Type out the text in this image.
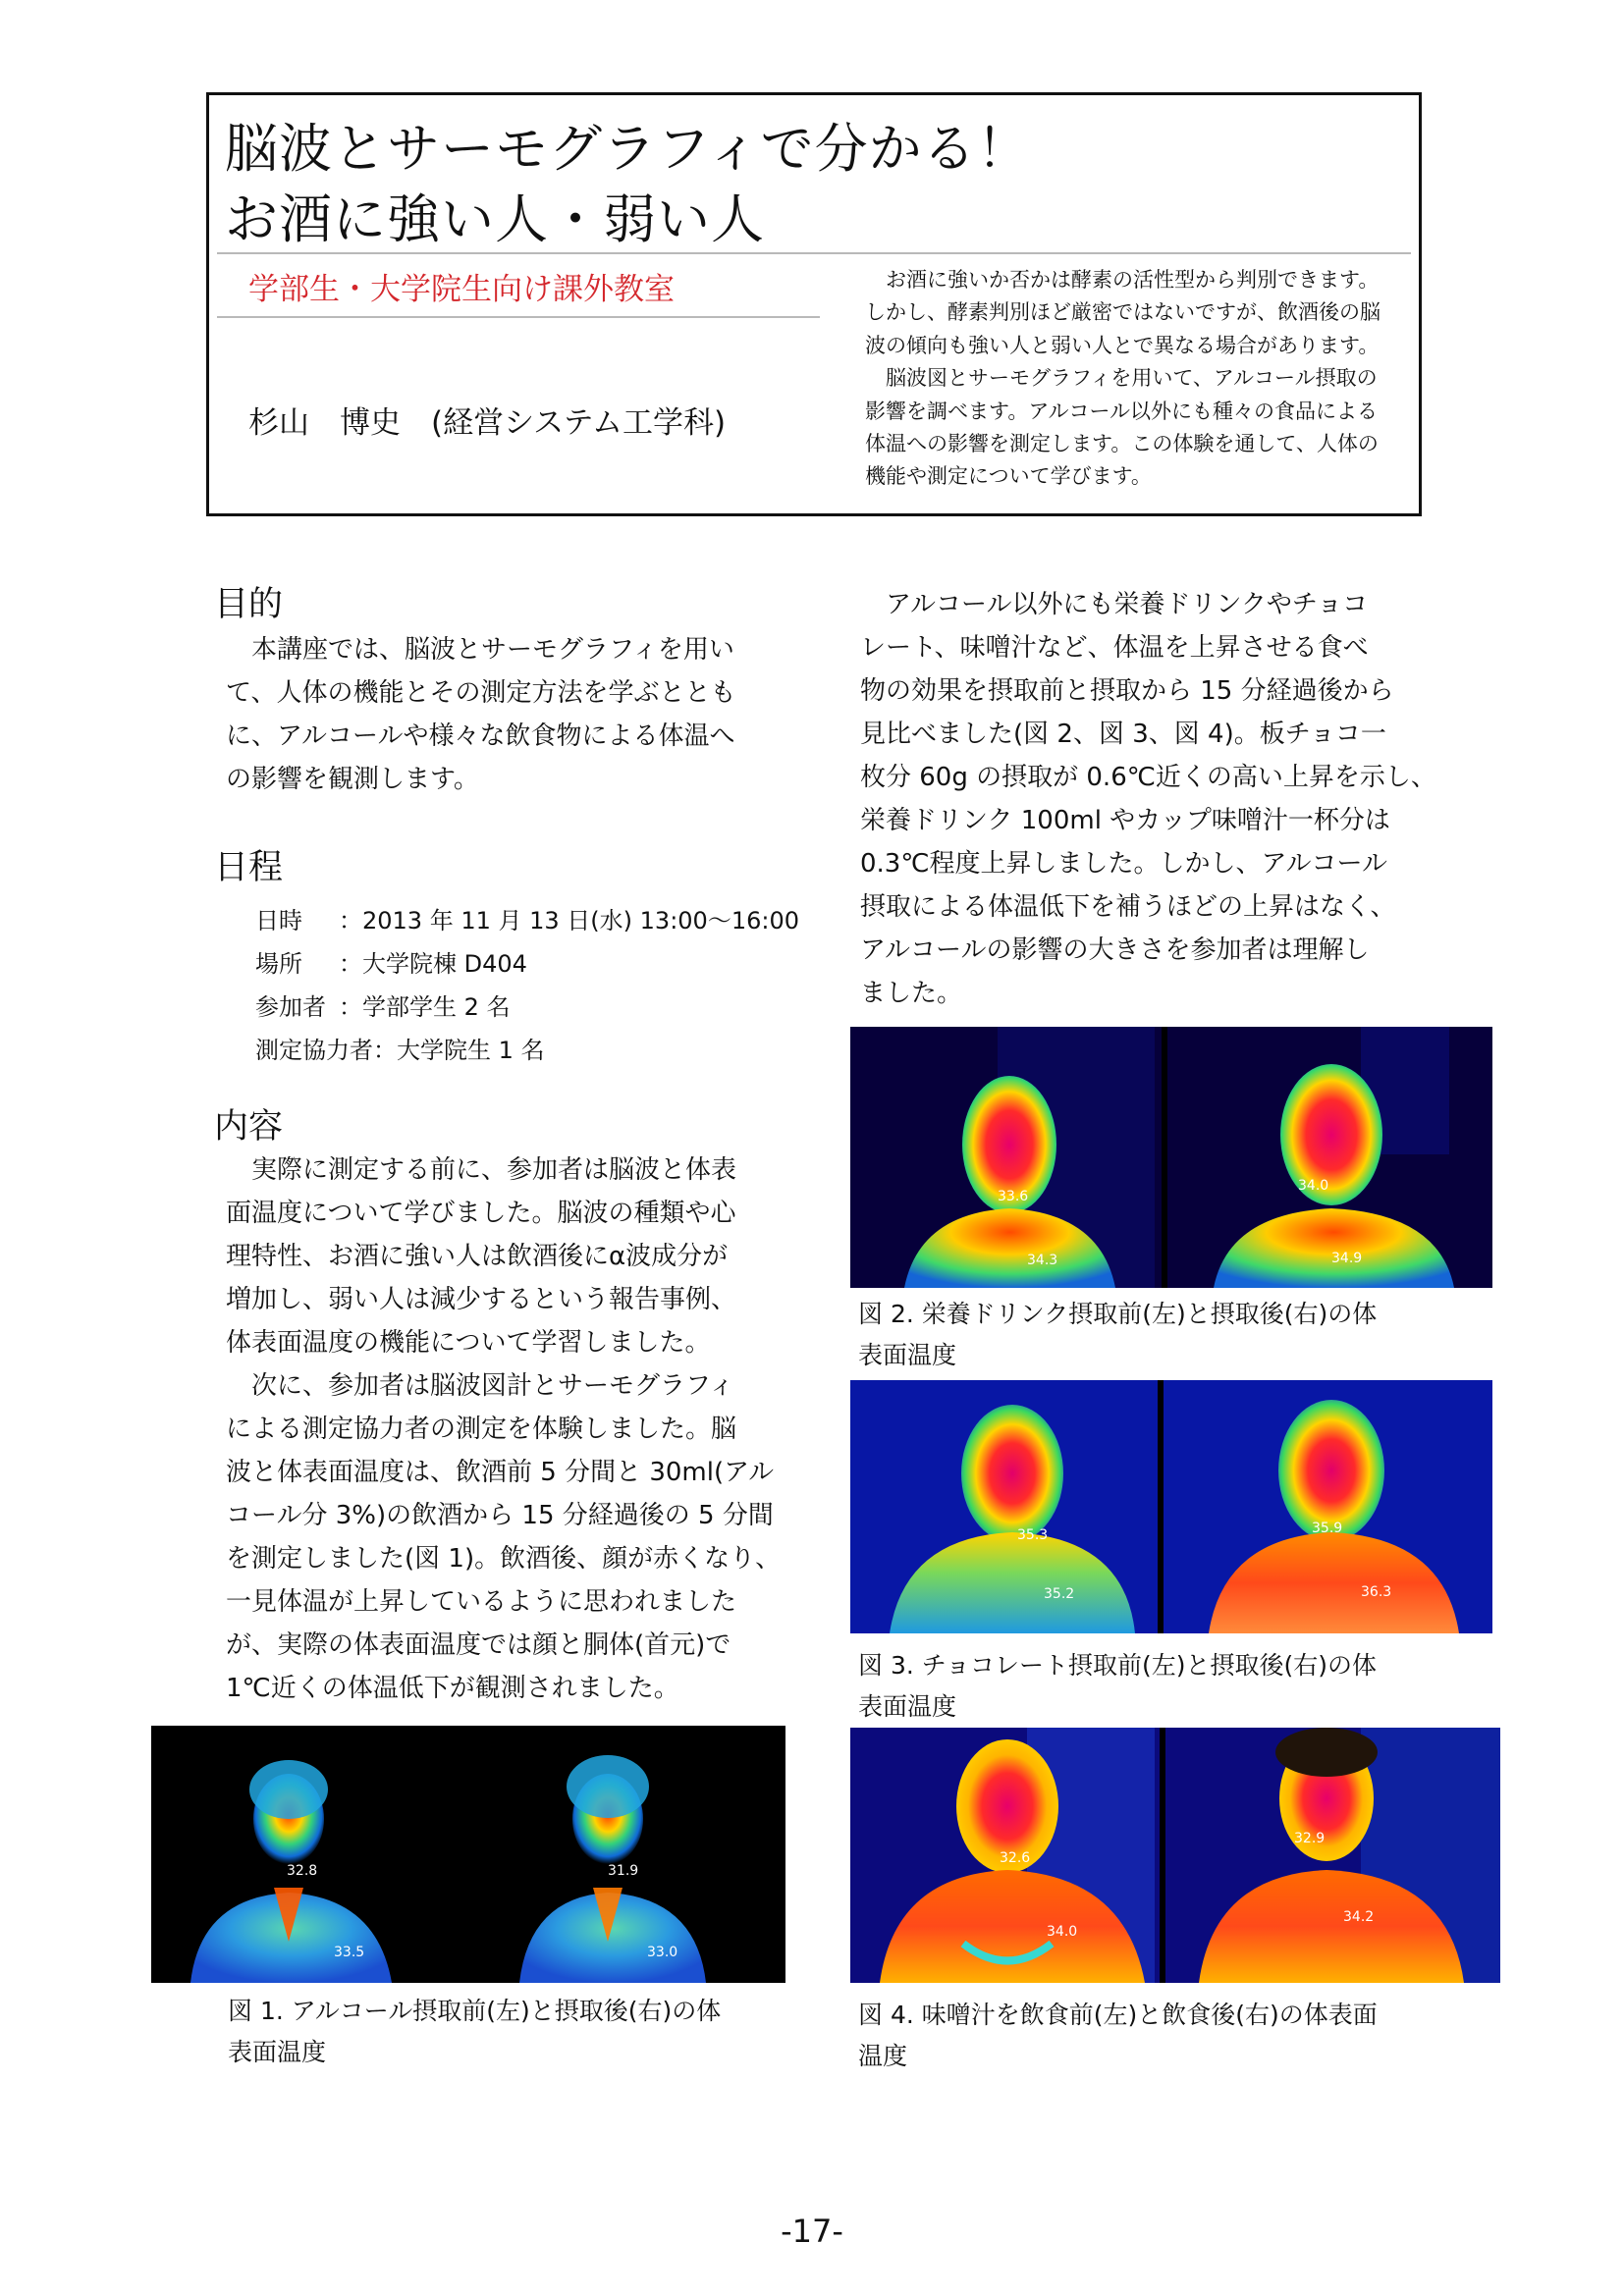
脳波とサーモグラフィで分かる！
お酒に強い人・弱い人
学部生・大学院生向け課外教室
杉山　博史　(経営システム工学科)

　お酒に強いか否かは酵素の活性型から判別できます。

しかし、酵素判別ほど厳密ではないですが、飲酒後の脳

波の傾向も強い人と弱い人とで異なる場合があります。

　脳波図とサーモグラフィを用いて、アルコール摂取の

影響を調べます。アルコール以外にも種々の食品による

体温への影響を測定します。この体験を通して、人体の

機能や測定について学びます。

目的
　本講座では、脳波とサーモグラフィを用い
て、人体の機能とその測定方法を学ぶととも
に、アルコールや様々な飲食物による体温へ
の影響を観測します。
日程
日時 ：2013 年 11 月 13 日(水) 13:00～16:00
場所 ：大学院棟 D404
参加者 ：学部学生 2 名
測定協力者：大学院生 1 名
内容
　実際に測定する前に、参加者は脳波と体表
面温度について学びました。脳波の種類や心
理特性、お酒に強い人は飲酒後にα波成分が
増加し、弱い人は減少するという報告事例、
体表面温度の機能について学習しました。
　次に、参加者は脳波図計とサーモグラフィ
による測定協力者の測定を体験しました。脳
波と体表面温度は、飲酒前 5 分間と 30ml(アル
コール分 3%)の飲酒から 15 分経過後の 5 分間
を測定しました(図 1)。飲酒後、顔が赤くなり、
一見体温が上昇しているように思われました
が、実際の体表面温度では顔と胴体(首元)で
1℃近くの体温低下が観測されました。
32.8
33.5
31.9
33.0
図 1. アルコール摂取前(左)と摂取後(右)の体
表面温度
　アルコール以外にも栄養ドリンクやチョコ
レート、味噌汁など、体温を上昇させる食べ
物の効果を摂取前と摂取から 15 分経過後から
見比べました(図 2、図 3、図 4)。板チョコ一
枚分 60g の摂取が 0.6℃近くの高い上昇を示し、
栄養ドリンク 100ml やカップ味噌汁一杯分は
0.3℃程度上昇しました。しかし、アルコール
摂取による体温低下を補うほどの上昇はなく、
アルコールの影響の大きさを参加者は理解し
ました。
33.6
34.3
34.0
34.9
図 2. 栄養ドリンク摂取前(左)と摂取後(右)の体
表面温度
35.3
35.2
35.9
36.3
図 3. チョコレート摂取前(左)と摂取後(右)の体
表面温度
32.6
34.0
32.9
34.2
図 4. 味噌汁を飲食前(左)と飲食後(右)の体表面
温度
-17-
